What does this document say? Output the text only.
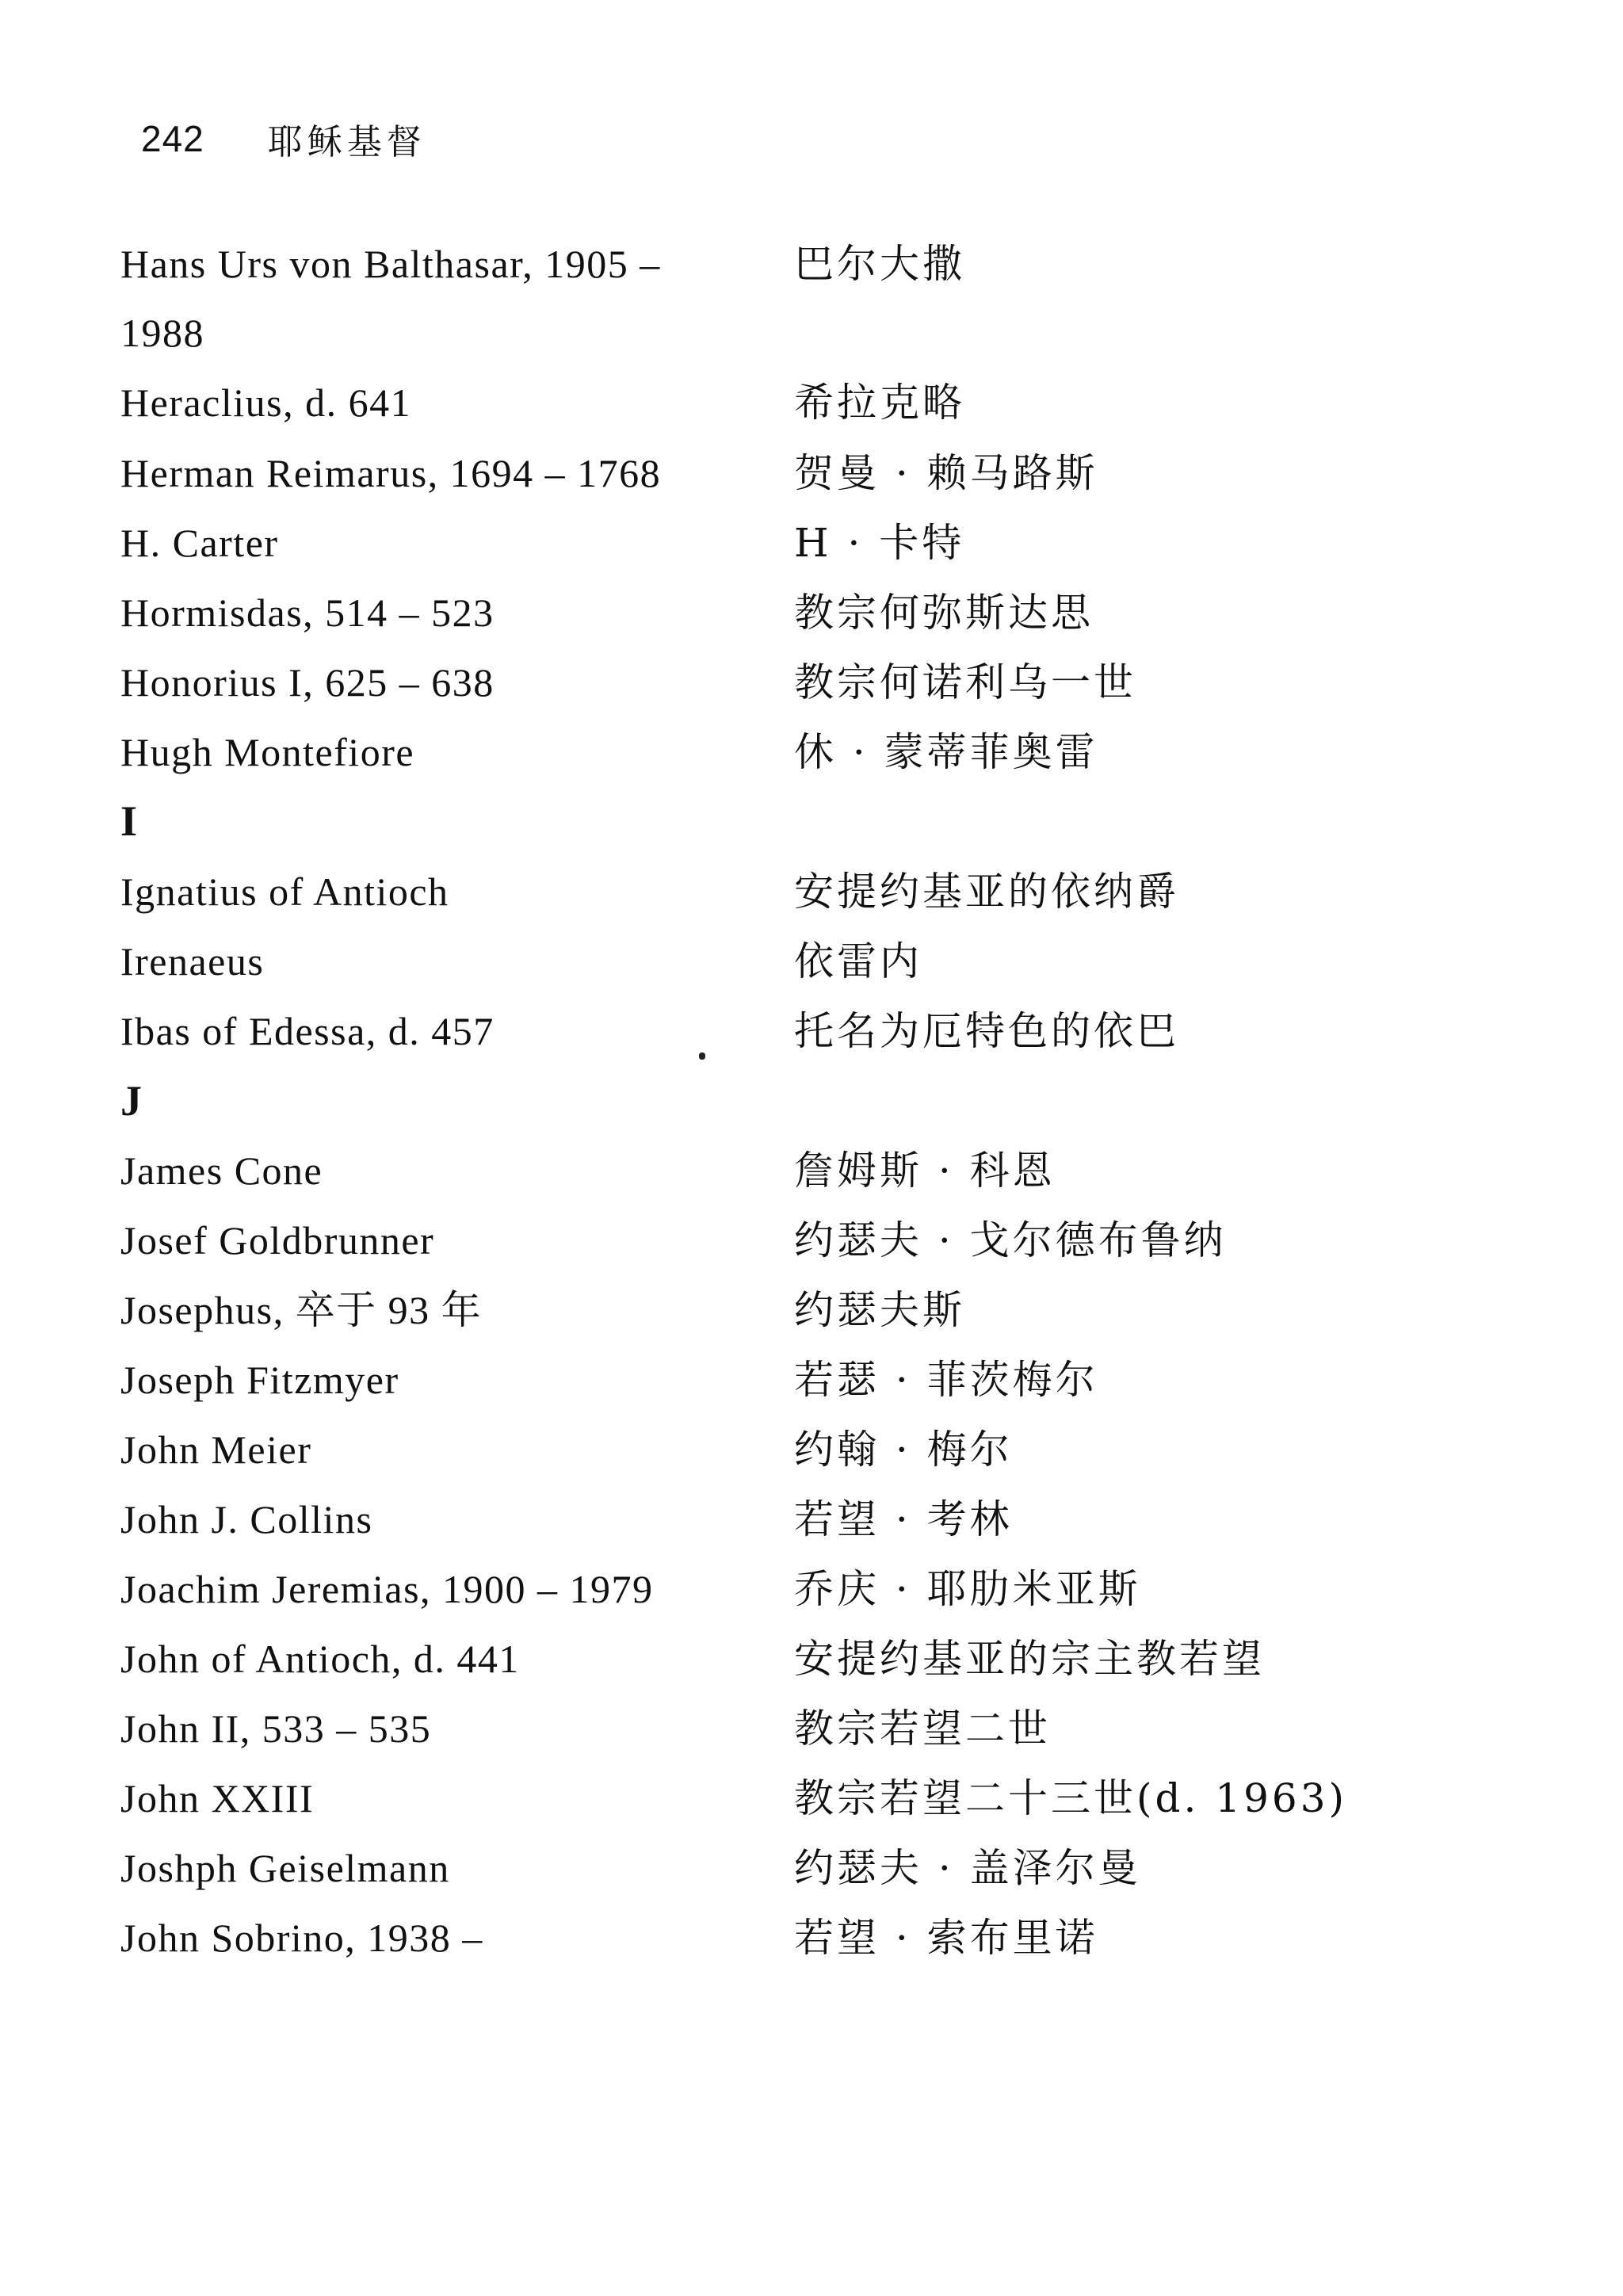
242 耶稣基督
Hans Urs von Balthasar, 1905 –	巴尔大撒
1988
Heraclius, d. 641	希拉克略
Herman Reimarus, 1694 – 1768	贺曼 · 赖马路斯
H. Carter	H · 卡特
Hormisdas, 514 – 523	教宗何弥斯达思
Honorius I, 625 – 638	教宗何诺利乌一世
Hugh Montefiore	休 · 蒙蒂菲奥雷
I
Ignatius of Antioch	安提约基亚的依纳爵
Irenaeus	依雷内
Ibas of Edessa, d. 457	托名为厄特色的依巴
J
James Cone	詹姆斯 · 科恩
Josef Goldbrunner	约瑟夫 · 戈尔德布鲁纳
Josephus, 卒于 93 年	约瑟夫斯
Joseph Fitzmyer	若瑟 · 菲茨梅尔
John Meier	约翰 · 梅尔
John J. Collins	若望 · 考林
Joachim Jeremias, 1900 – 1979	乔庆 · 耶肋米亚斯
John of Antioch, d. 441	安提约基亚的宗主教若望
John II, 533 – 535	教宗若望二世
John XXIII	教宗若望二十三世(d. 1963)
Joshph Geiselmann	约瑟夫 · 盖泽尔曼
John Sobrino, 1938 –	若望 · 索布里诺
